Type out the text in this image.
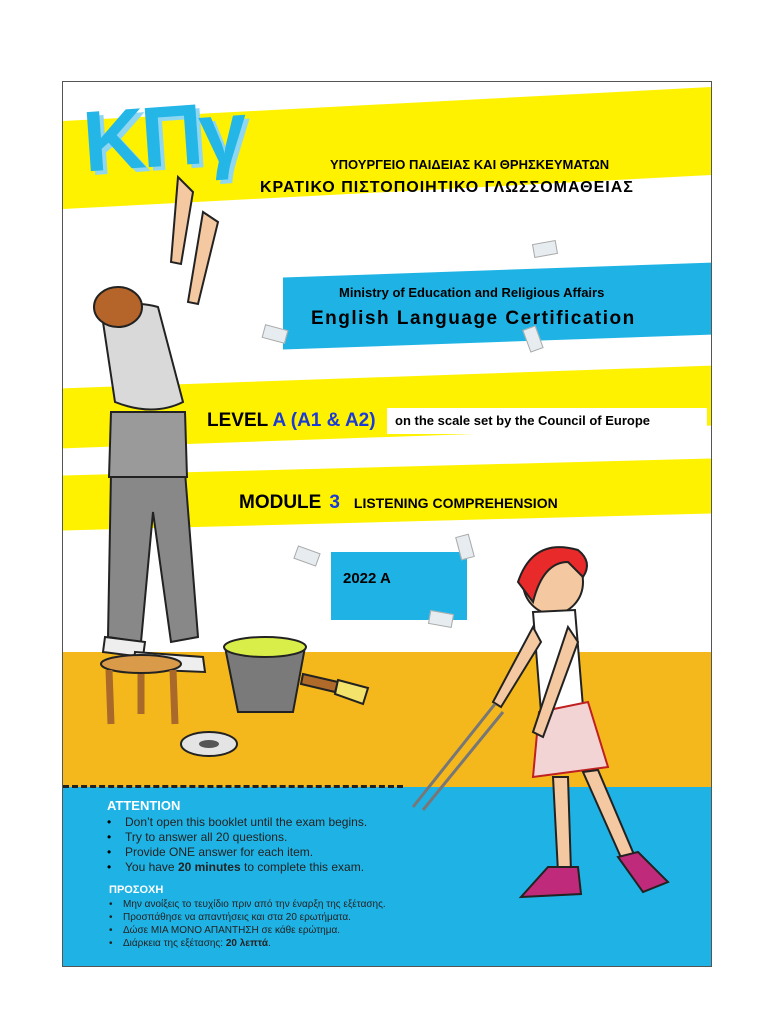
ΚΠγ	ΥΠΟΥΡΓΕΙΟ ΠΑΙΔΕΙΑΣ ΚΑΙ ΘΡΗΣΚΕΥΜΑΤΩΝ
ΚΡΑΤΙΚΟ ΠΙΣΤΟΠΟΙΗΤΙΚΟ ΓΛΩΣΣΟΜΑΘΕΙΑΣ
Ministry of Education and Religious Affairs
English Language Certification
LEVEL A (A1 & A2)	on the scale set by the Council of Europe
MODULE 3 LISTENING COMPREHENSION
2022 A
ATTENTION
• Don’t open this booklet until the exam begins.
• Try to answer all 20 questions.
• Provide ONE answer for each item.
• You have 20 minutes to complete this exam.
ΠΡΟΣΟΧΗ
• Μην ανοίξεις το τευχίδιο πριν από την έναρξη της εξέτασης.
• Προσπάθησε να απαντήσεις και στα 20 ερωτήματα.
• Δώσε ΜΙΑ ΜΟΝΟ ΑΠΑΝΤΗΣΗ σε κάθε ερώτημα.
• Διάρκεια της εξέτασης: 20 λεπτά.
